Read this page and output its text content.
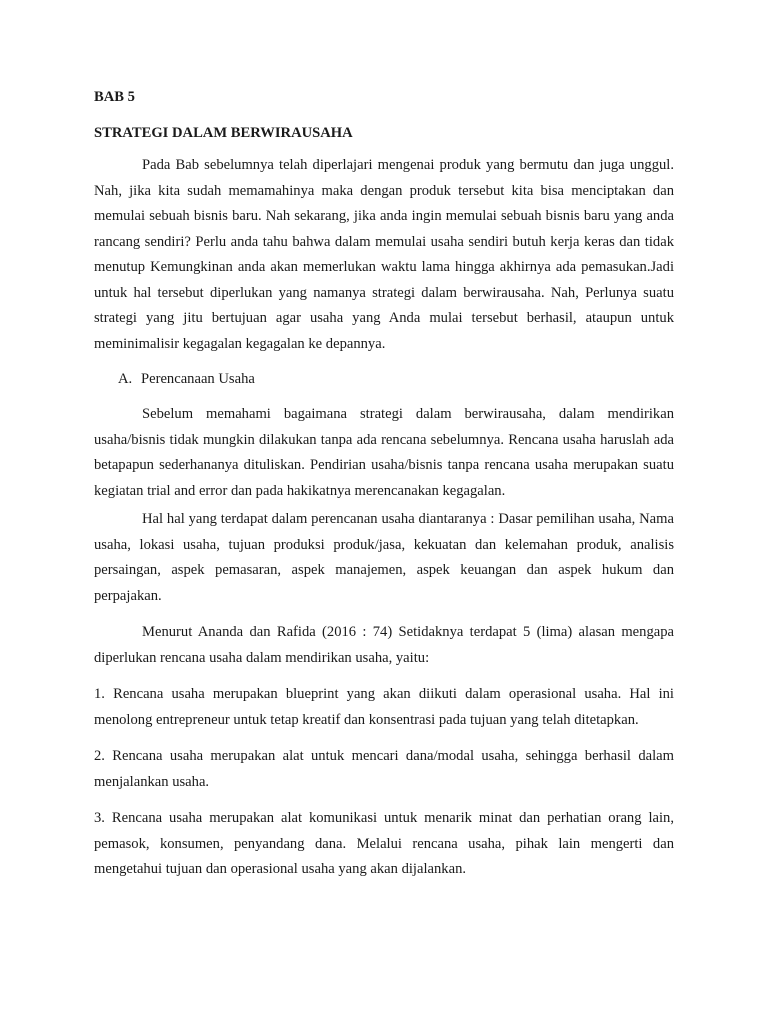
BAB 5
STRATEGI DALAM BERWIRAUSAHA

Pada Bab sebelumnya telah diperlajari mengenai produk yang bermutu dan juga unggul. Nah, jika kita sudah memamahinya maka dengan produk tersebut kita bisa menciptakan dan memulai sebuah bisnis baru. Nah sekarang, jika anda ingin memulai sebuah bisnis baru yang anda rancang sendiri? Perlu anda tahu bahwa dalam memulai usaha sendiri butuh kerja keras dan tidak menutup Kemungkinan anda akan memerlukan waktu lama hingga akhirnya ada pemasukan.Jadi untuk hal tersebut diperlukan yang namanya strategi dalam berwirausaha. Nah, Perlunya suatu strategi yang jitu bertujuan agar usaha yang Anda mulai tersebut berhasil, ataupun untuk meminimalisir kegagalan kegagalan ke depannya.

A. Perencanaan Usaha

Sebelum memahami bagaimana strategi dalam berwirausaha, dalam mendirikan usaha/bisnis tidak mungkin dilakukan tanpa ada rencana sebelumnya. Rencana usaha haruslah ada betapapun sederhananya dituliskan. Pendirian usaha/bisnis tanpa rencana usaha merupakan suatu kegiatan trial and error dan pada hakikatnya merencanakan kegagalan.

Hal hal yang terdapat dalam perencanan usaha diantaranya : Dasar pemilihan usaha, Nama usaha, lokasi usaha, tujuan produksi produk/jasa, kekuatan dan kelemahan produk, analisis persaingan, aspek pemasaran, aspek manajemen, aspek keuangan dan aspek hukum dan perpajakan.

Menurut Ananda dan Rafida (2016 : 74) Setidaknya terdapat 5 (lima) alasan mengapa diperlukan rencana usaha dalam mendirikan usaha, yaitu:

1. Rencana usaha merupakan blueprint yang akan diikuti dalam operasional usaha. Hal ini menolong entrepreneur untuk tetap kreatif dan konsentrasi pada tujuan yang telah ditetapkan.

2. Rencana usaha merupakan alat untuk mencari dana/modal usaha, sehingga berhasil dalam menjalankan usaha.

3. Rencana usaha merupakan alat komunikasi untuk menarik minat dan perhatian orang lain, pemasok, konsumen, penyandang dana. Melalui rencana usaha, pihak lain mengerti dan mengetahui tujuan dan operasional usaha yang akan dijalankan.
